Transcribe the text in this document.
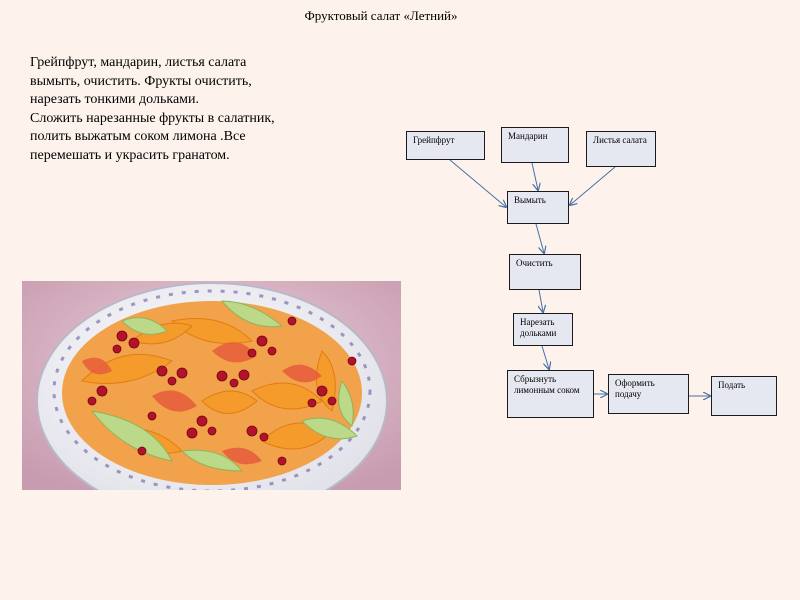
Фруктовый салат «Летний»

Грейпфрут, мандарин, листья салата вымыть, очистить. Фрукты очистить, нарезать тонкими дольками.

Сложить нарезанные фрукты в салатник, полить выжатым соком лимона .Все перемешать и украсить гранатом.

Грейпфрут	Мандарин	Листья салата
Вымыть
Очистить
Нарезать дольками
Сбрызнуть лимонным соком
Оформить подачу
Подать
